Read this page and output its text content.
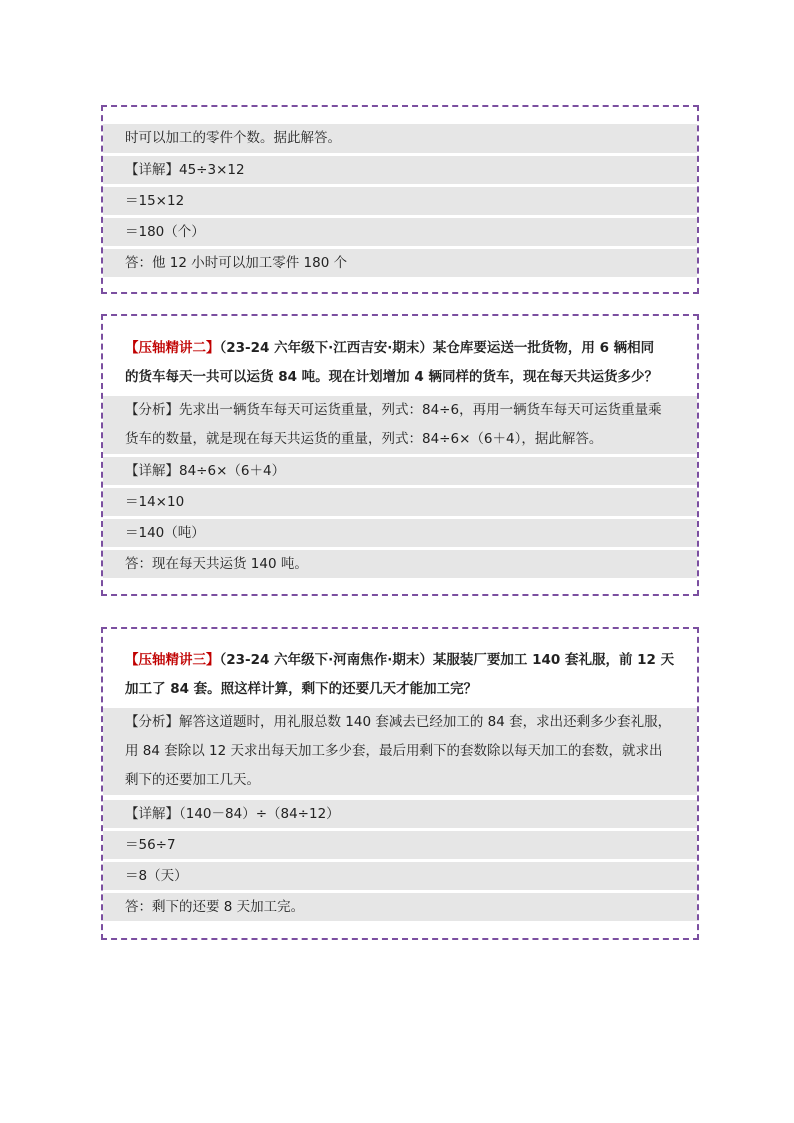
时可以加工的零件个数。据此解答。
【详解】45÷3×12
＝15×12
＝180（个）
答：他 12 小时可以加工零件 180 个
【压轴精讲二】（23-24 六年级下·江西吉安·期末）某仓库要运送一批货物，用 6 辆相同
的货车每天一共可以运货 84 吨。现在计划增加 4 辆同样的货车，现在每天共运货多少？
【分析】先求出一辆货车每天可运货重量，列式：84÷6，再用一辆货车每天可运货重量乘
货车的数量，就是现在每天共运货的重量，列式：84÷6×（6＋4），据此解答。
【详解】84÷6×（6＋4）
＝14×10
＝140（吨）
答：现在每天共运货 140 吨。
【压轴精讲三】（23-24 六年级下·河南焦作·期末）某服装厂要加工 140 套礼服，前 12 天
加工了 84 套。照这样计算，剩下的还要几天才能加工完？
【分析】解答这道题时，用礼服总数 140 套减去已经加工的 84 套，求出还剩多少套礼服，
用 84 套除以 12 天求出每天加工多少套，最后用剩下的套数除以每天加工的套数，就求出
剩下的还要加工几天。
【详解】（140－84）÷（84÷12）
＝56÷7
＝8（天）
答：剩下的还要 8 天加工完。
